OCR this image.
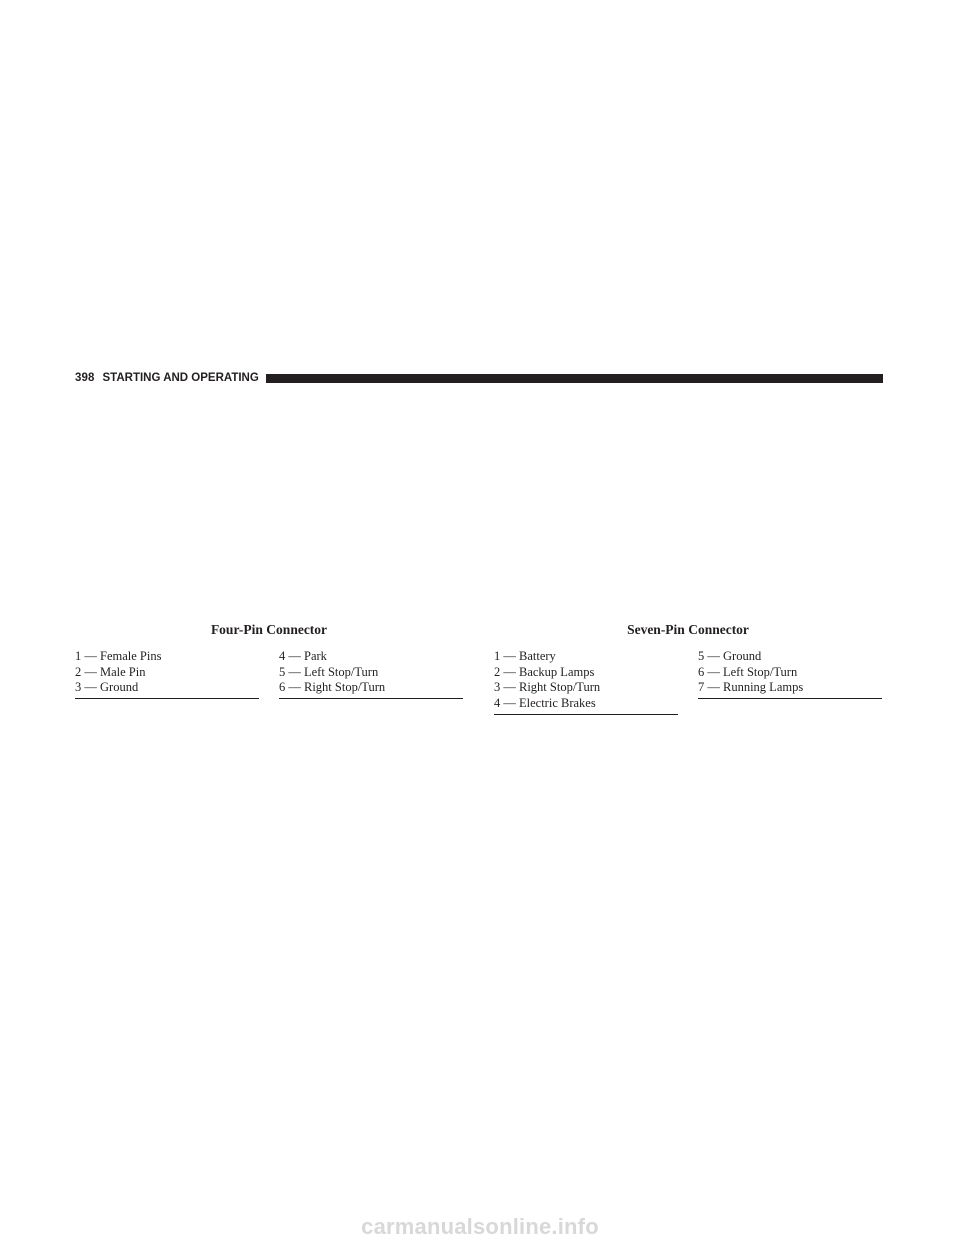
398 STARTING AND OPERATING
Four-Pin Connector
1 — Female Pins
2 — Male Pin
3 — Ground
4 — Park
5 — Left Stop/Turn
6 — Right Stop/Turn
Seven-Pin Connector
1 — Battery
2 — Backup Lamps
3 — Right Stop/Turn
4 — Electric Brakes
5 — Ground
6 — Left Stop/Turn
7 — Running Lamps
carmanualsonline.info
